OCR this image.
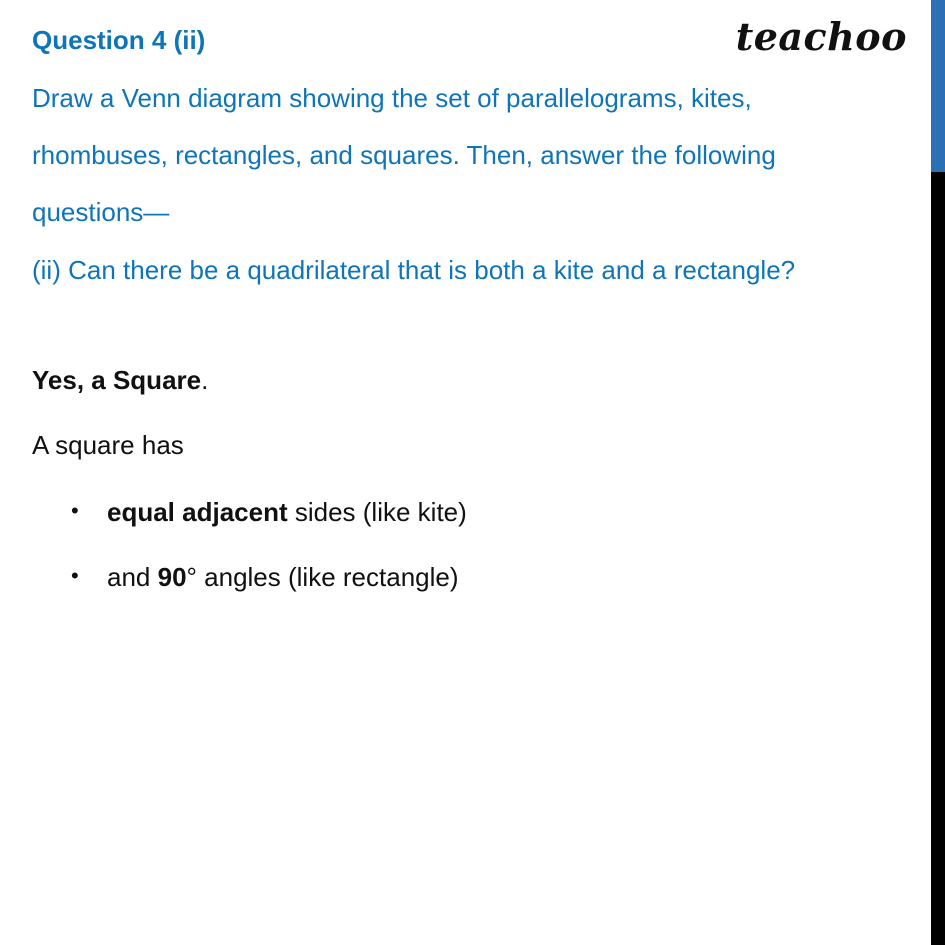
Question 4 (ii)	teachoo
Draw a Venn diagram showing the set of parallelograms, kites,
rhombuses, rectangles, and squares. Then, answer the following
questions—
(ii) Can there be a quadrilateral that is both a kite and a rectangle?
Yes, a Square.
A square has
• equal adjacent sides (like kite)
• and 90° angles (like rectangle)
